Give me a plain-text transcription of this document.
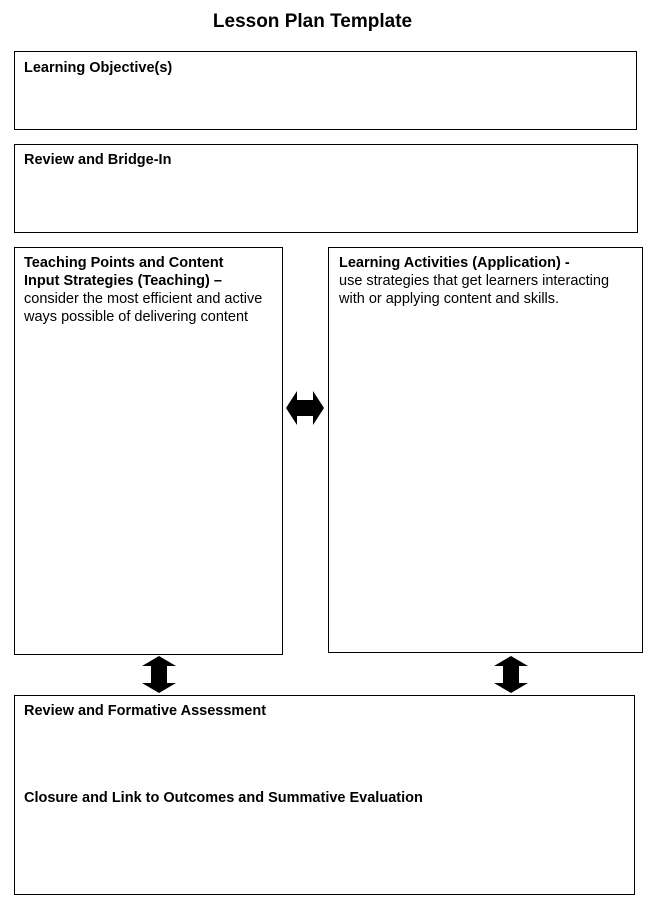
Lesson Plan Template
Learning Objective(s)
Review and Bridge-In
Teaching Points and Content
Input Strategies (Teaching) –
consider the most efficient and active
ways possible of delivering content
Learning Activities (Application) -
use strategies that get learners interacting
with or applying content and skills.
Review and Formative Assessment
Closure and Link to Outcomes and Summative Evaluation
